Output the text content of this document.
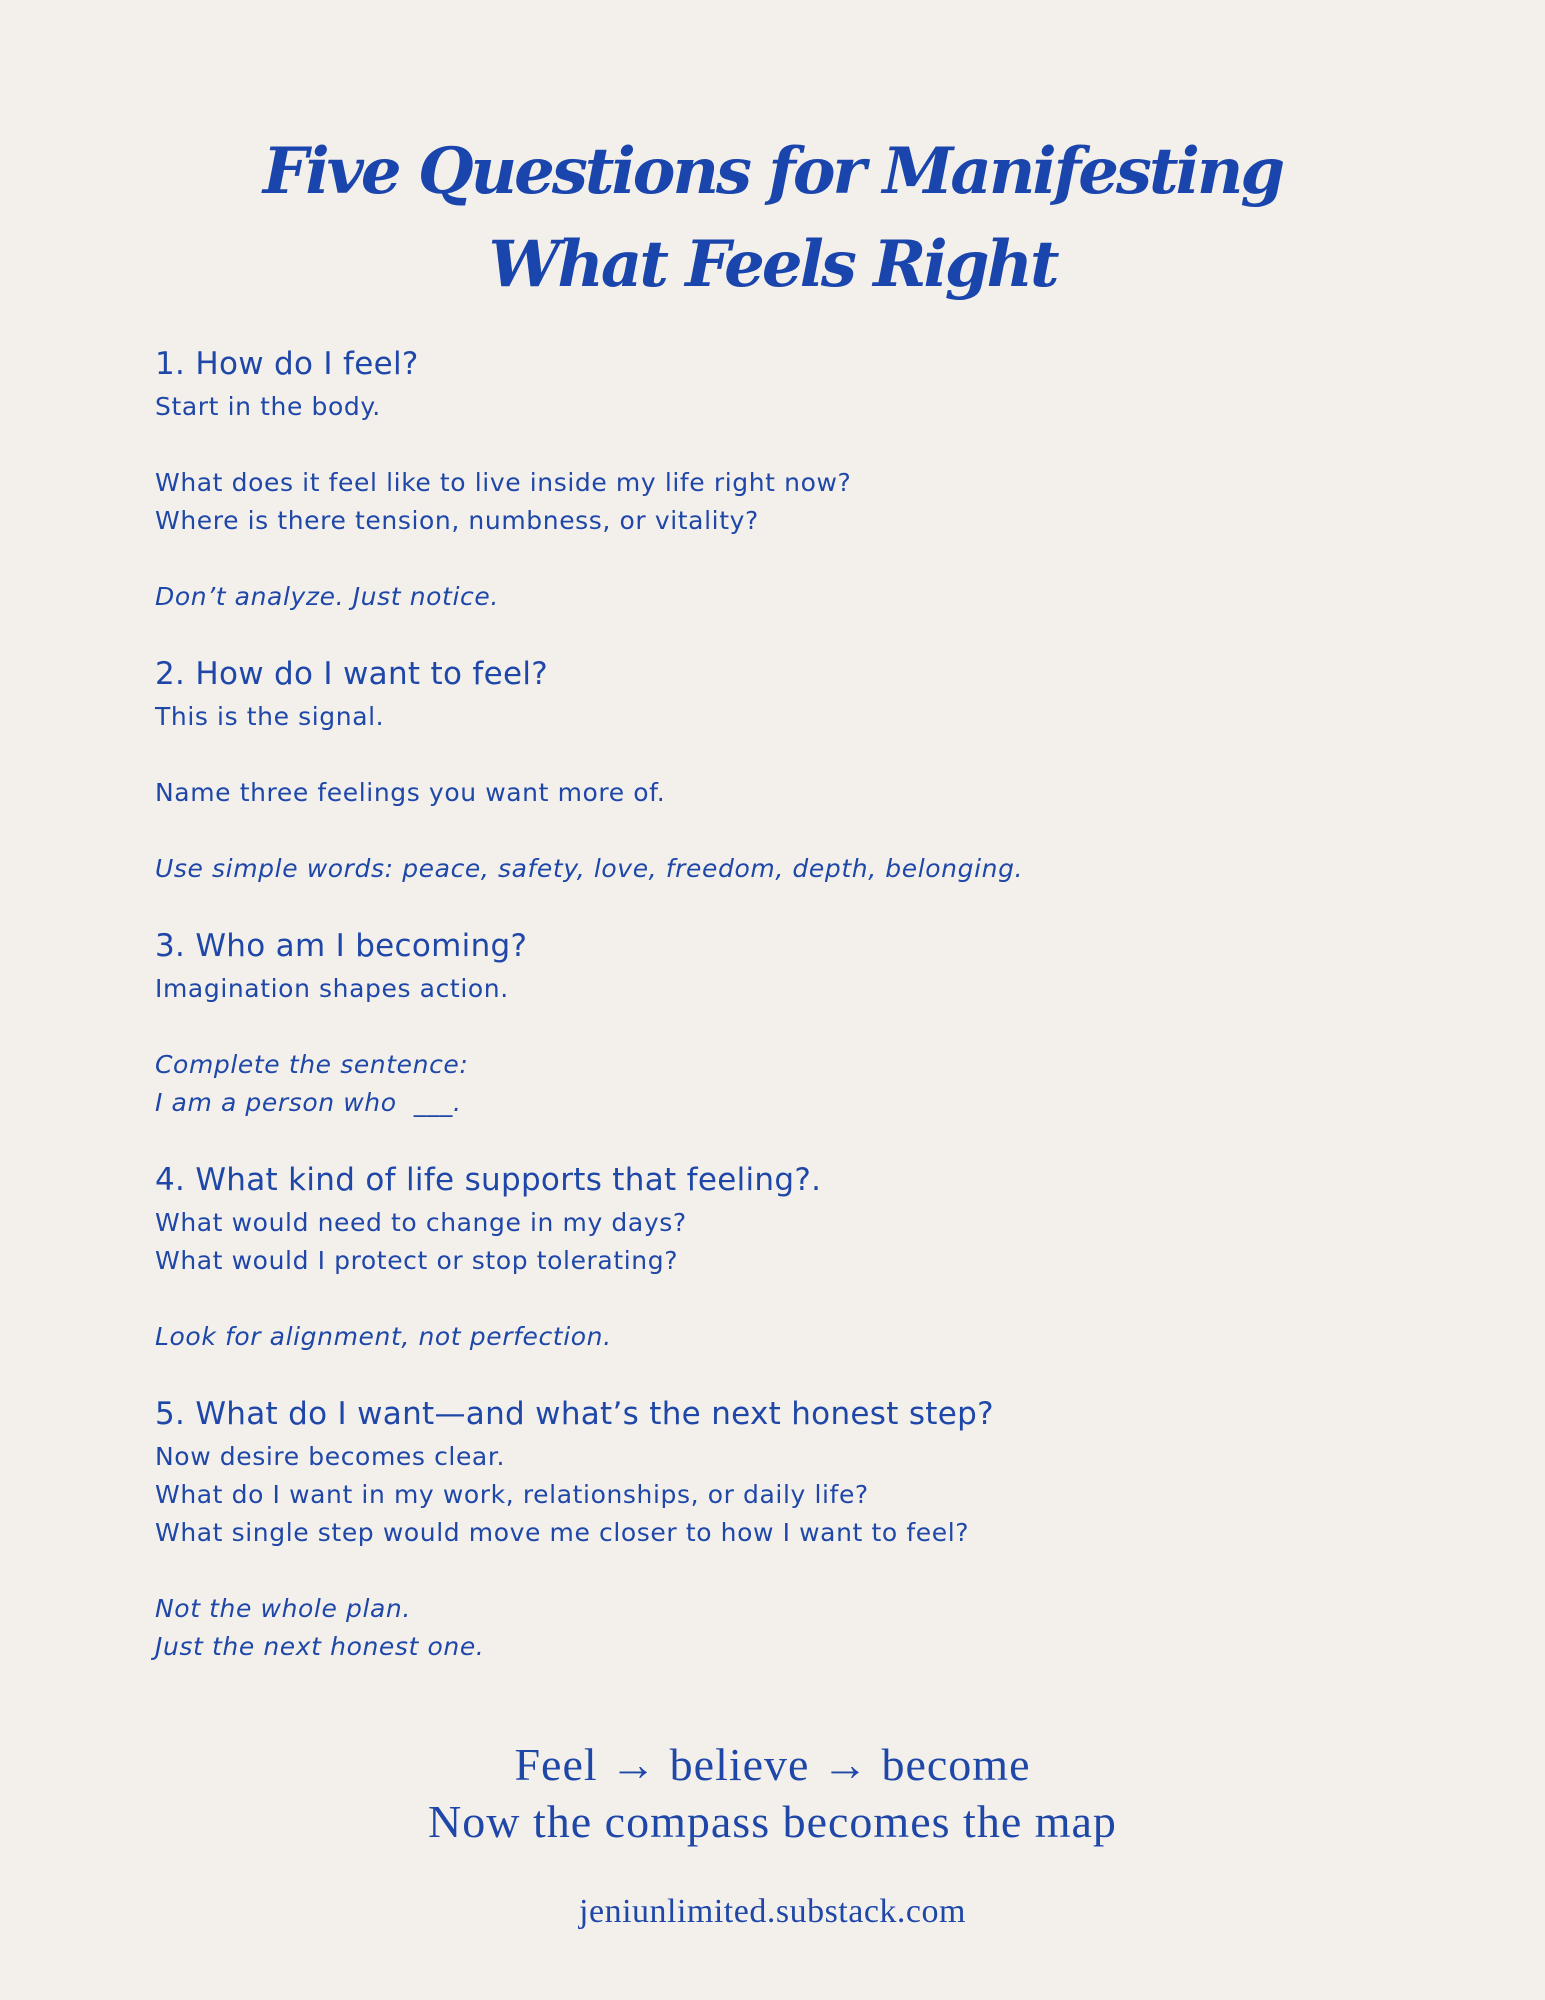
Five Questions for Manifesting
What Feels Right
1. How do I feel?
Start in the body.
What does it feel like to live inside my life right now?
Where is there tension, numbness, or vitality?
Don’t analyze. Just notice.
2. How do I want to feel?
This is the signal.
Name three feelings you want more of.
Use simple words: peace, safety, love, freedom, depth, belonging.
3. Who am I becoming?
Imagination shapes action.
Complete the sentence:
I am a person who  ___.
4. What kind of life supports that feeling?.
What would need to change in my days?
What would I protect or stop tolerating?
Look for alignment, not perfection.
5. What do I want—and what’s the next honest step?
Now desire becomes clear.
What do I want in my work, relationships, or daily life?
What single step would move me closer to how I want to feel?
Not the whole plan.
Just the next honest one.
Feel → believe → become
Now the compass becomes the map
jeniunlimited.substack.com
